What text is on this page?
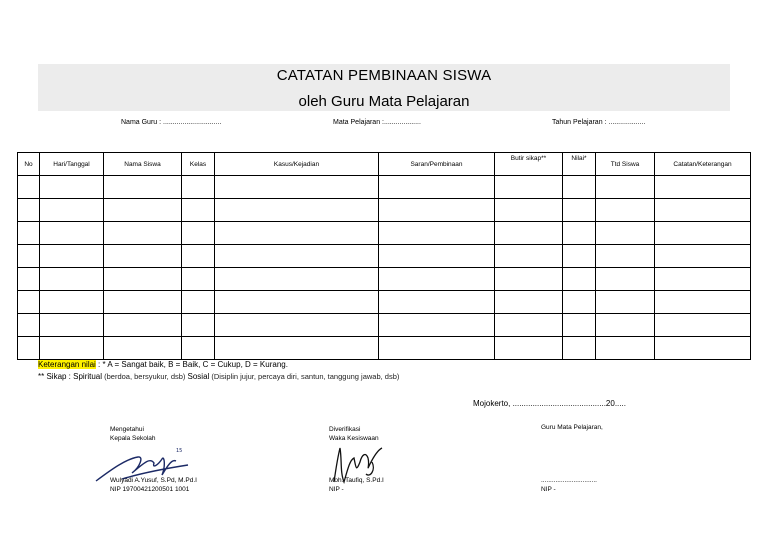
CATATAN PEMBINAAN SISWA
oleh Guru Mata Pelajaran
Nama Guru : ..............................	Mata Pelajaran :...................	Tahun Pelajaran : ...................
No	Hari/Tanggal	Nama Siswa	Kelas	Kasus/Kejadian	Saran/Pembinaan	Butir sikap**	Nilai*	Ttd Siswa	Catatan/Keterangan

Keterangan nilai : * A = Sangat baik, B = Baik, C = Cukup, D = Kurang.
** Sikap : Spiritual (berdoa, bersyukur, dsb) Sosial (Disiplin jujur, percaya diri, santun, tanggung jawab, dsb)
Mojokerto, ..........................................20.....
Mengetahui
Kepala Sekolah
15
Wulyadi A.Yusuf, S.Pd, M.Pd.I
NIP 19700421200501 1001
Diverifikasi
Waka Kesiswaan
Moh. Taufiq, S.Pd.I
NIP -
Guru Mata Pelajaran,
...............................
NIP -
